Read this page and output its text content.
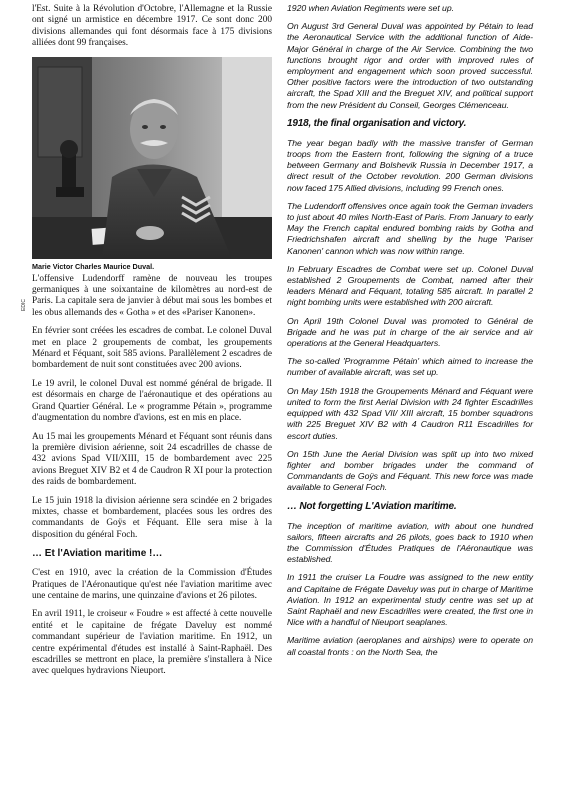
l'Est. Suite à la Révolution d'Octobre, l'Allemagne et la Russie ont signé un armistice en décembre 1917. Ce sont donc 200 divisions allemandes qui font désormais face à 175 divisions alliées dont 99 françaises.

EDIC
Marie Victor Charles Maurice Duval.

L'offensive Ludendorff ramène de nouveau les troupes germaniques à une soixantaine de kilomètres au nord-est de Paris. La capitale sera de janvier à début mai sous les bombes et les obus allemands des « Gotha » et des «Pariser Kanonen».

En février sont créées les escadres de combat. Le colonel Duval met en place 2 groupements de combat, les groupements Ménard et Féquant, soit 585 avions. Parallèlement 2 escadres de bombardement de nuit sont constituées avec 200 avions.

Le 19 avril, le colonel Duval est nommé général de brigade. Il est désormais en charge de l'aéronautique et des opérations au Grand Quartier Général. Le « programme Pétain », programme d'augmentation du nombre d'avions, est en mis en place.

Au 15 mai les groupements Ménard et Féquant sont réunis dans la première division aérienne, soit 24 escadrilles de chasse de 432 avions Spad VII/XIII, 15 de bombardement avec 225 avions Breguet XIV B2 et 4 de Caudron R XI pour la protection des raids de bombardement.

Le 15 juin 1918 la division aérienne sera scindée en 2 brigades mixtes, chasse et bombardement, placées sous les ordres des commandants de Goÿs et Féquant. Elle sera mise à la disposition du général Foch.

… Et l'Aviation maritime !…

C'est en 1910, avec la création de la Commission d'Études Pratiques de l'Aéronautique qu'est née l'aviation maritime avec une centaine de marins, une quinzaine d'avions et 26 pilotes.

En avril 1911, le croiseur « Foudre » est affecté à cette nouvelle entité et le capitaine de frégate Daveluy est nommé commandant supérieur de l'aviation maritime. En 1912, un centre expérimental d'études est installé à Saint-Raphaël. Des escadrilles se mettront en place, la première s'installera à Nice avec quelques hydravions Nieuport.

1920 when Aviation Regiments were set up.

On August 3rd General Duval was appointed by Pétain to lead the Aeronautical Service with the additional function of Aide-Major Général in charge of the Air Service. Combining the two functions brought rigor and order with improved rules of employment and engagement which soon proved successful. Other positive factors were the introduction of two outstanding aircraft, the Spad XIII and the Breguet XIV, and political support from the new Président du Conseil, Georges Clémenceau.

1918, the final organisation and victory.

The year began badly with the massive transfer of German troops from the Eastern front, following the signing of a truce between Germany and Bolshevik Russia in December 1917, a direct result of the October revolution. 200 German divisions now faced 175 Allied divisions, including 99 French ones.

The Ludendorff offensives once again took the German invaders to just about 40 miles North-East of Paris. From January to early May the French capital endured bombing raids by Gotha and Friedrichshafen aircraft and shelling by the huge 'Pariser Kanonen' cannon which was now within range.

In February Escadres de Combat were set up. Colonel Duval established 2 Groupements de Combat, named after their leaders Ménard and Féquant, totaling 585 aircraft. In parallel 2 night bombing units were established with 200 aircraft.

On April 19th Colonel Duval was promoted to Général de Brigade and he was put in charge of the air service and air operations at the General Headquarters.

The so-called 'Programme Pétain' which aimed to increase the number of available aircraft, was set up.

On May 15th 1918 the Groupements Ménard and Féquant were united to form the first Aerial Division with 24 fighter Escadrilles equipped with 432 Spad VII/ XIII aircraft, 15 bomber squadrons with 225 Breguet XIV B2 with 4 Caudron R11 Escadrilles for escort duties.

On 15th June the Aerial Division was split up into two mixed fighter and bomber brigades under the command of Commandants de Goÿs and Féquant. This new force was made available to General Foch.

… Not forgetting L'Aviation maritime.

The inception of maritime aviation, with about one hundred sailors, fifteen aircrafts and 26 pilots, goes back to 1910 when the Commission d'Études Pratiques de l'Aéronautique was established.

In 1911 the cruiser La Foudre was assigned to the new entity and Capitaine de Frégate Daveluy was put in charge of Maritime Aviation. In 1912 an experimental study centre was set up at Saint Raphaël and new Escadrilles were created, the first one in Nice with a handful of Nieuport seaplanes.

Maritime aviation (aeroplanes and airships) were to operate on all coastal fronts : on the North Sea, the
